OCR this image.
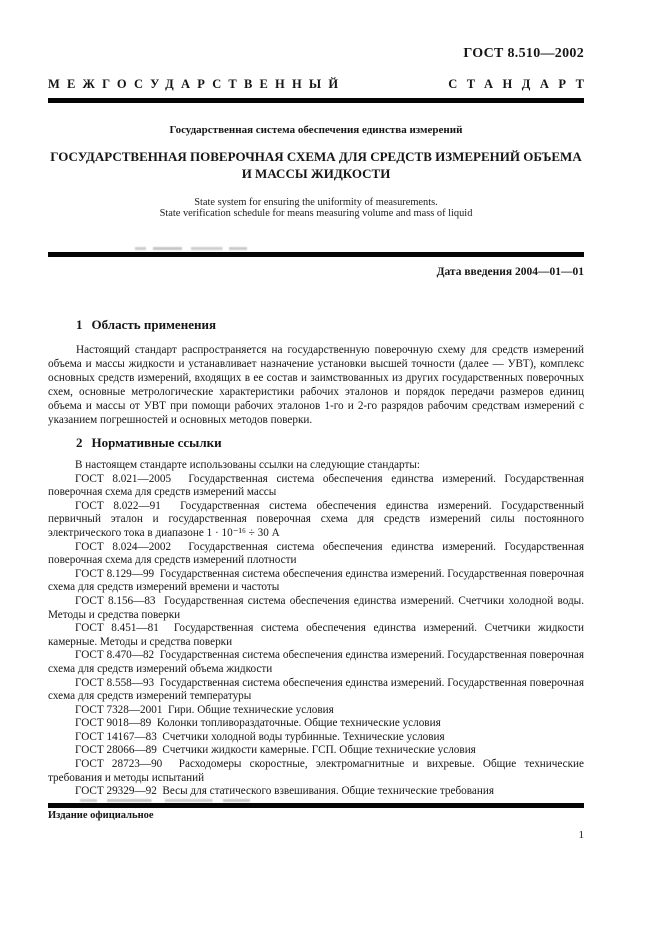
ГОСТ 8.510—2002
МЕЖГОСУДАРСТВЕННЫЙ	СТАНДАРТ
Государственная система обеспечения единства измерений
ГОСУДАРСТВЕННАЯ ПОВЕРОЧНАЯ СХЕМА ДЛЯ СРЕДСТВ ИЗМЕРЕНИЙ ОБЪЕМА
И МАССЫ ЖИДКОСТИ
State system for ensuring the uniformity of measurements.
State verification schedule for means measuring volume and mass of liquid
Дата введения 2004—01—01
1 Область применения
Настоящий стандарт распространяется на государственную поверочную схему для средств измерений объема и массы жидкости и устанавливает назначение установки высшей точности (далее — УВТ), комплекс основных средств измерений, входящих в ее состав и заимствованных из других государственных поверочных схем, основные метрологические характеристики рабочих эталонов и порядок передачи размеров единиц объема и массы от УВТ при помощи рабочих эталонов 1-го и 2-го разрядов рабочим средствам измерений с указанием погрешностей и основных методов поверки.
2 Нормативные ссылки

В настоящем стандарте использованы ссылки на следующие стандарты:

ГОСТ 8.021—2005  Государственная система обеспечения единства измерений. Государственная поверочная схема для средств измерений массы

ГОСТ 8.022—91  Государственная система обеспечения единства измерений. Государственный первичный эталон и государственная поверочная схема для средств измерений силы постоянного электрического тока в диапазоне 1 · 10⁻¹⁶ ÷ 30 А

ГОСТ 8.024—2002  Государственная система обеспечения единства измерений. Государственная поверочная схема для средств измерений плотности

ГОСТ 8.129—99  Государственная система обеспечения единства измерений. Государственная поверочная схема для средств измерений времени и частоты

ГОСТ 8.156—83  Государственная система обеспечения единства измерений. Счетчики холодной воды. Методы и средства поверки

ГОСТ 8.451—81  Государственная система обеспечения единства измерений. Счетчики жидкости камерные. Методы и средства поверки

ГОСТ 8.470—82  Государственная система обеспечения единства измерений. Государственная поверочная схема для средств измерений объема жидкости

ГОСТ 8.558—93  Государственная система обеспечения единства измерений. Государственная поверочная схема для средств измерений температуры

ГОСТ 7328—2001  Гири. Общие технические условия

ГОСТ 9018—89  Колонки топливораздаточные. Общие технические условия

ГОСТ 14167—83  Счетчики холодной воды турбинные. Технические условия

ГОСТ 28066—89  Счетчики жидкости камерные. ГСП. Общие технические условия

ГОСТ 28723—90  Расходомеры скоростные, электромагнитные и вихревые. Общие технические требования и методы испытаний

ГОСТ 29329—92  Весы для статического взвешивания. Общие технические требования

Издание официальное
1
